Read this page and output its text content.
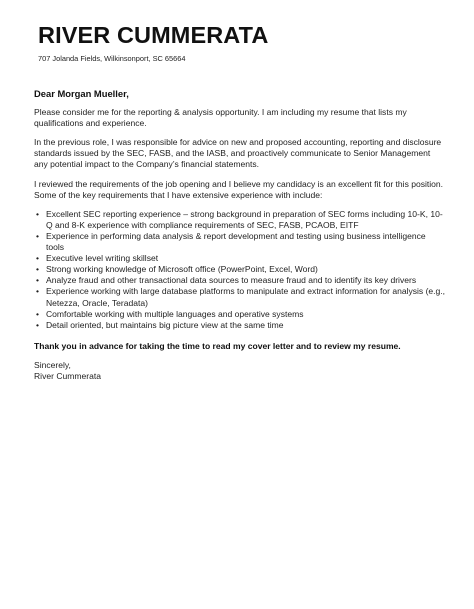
RIVER CUMMERATA
707 Jolanda Fields, Wilkinsonport, SC 65664

Dear Morgan Mueller,

Please consider me for the reporting & analysis opportunity. I am including my resume that lists my qualifications and experience.

In the previous role, I was responsible for advice on new and proposed accounting, reporting and disclosure standards issued by the SEC, FASB, and the IASB, and proactively communicate to Senior Management any potential impact to the Company’s financial statements.

I reviewed the requirements of the job opening and I believe my candidacy is an excellent fit for this position. Some of the key requirements that I have extensive experience with include:

• Excellent SEC reporting experience – strong background in preparation of SEC forms including 10-K, 10-Q and 8-K experience with compliance requirements of SEC, FASB, PCAOB, EITF
• Experience in performing data analysis & report development and testing using business intelligence tools
• Executive level writing skillset
• Strong working knowledge of Microsoft office (PowerPoint, Excel, Word)
• Analyze fraud and other transactional data sources to measure fraud and to identify its key drivers
• Experience working with large database platforms to manipulate and extract information for analysis (e.g., Netezza, Oracle, Teradata)
• Comfortable working with multiple languages and operative systems
• Detail oriented, but maintains big picture view at the same time

Thank you in advance for taking the time to read my cover letter and to review my resume.

Sincerely,

River Cummerata
